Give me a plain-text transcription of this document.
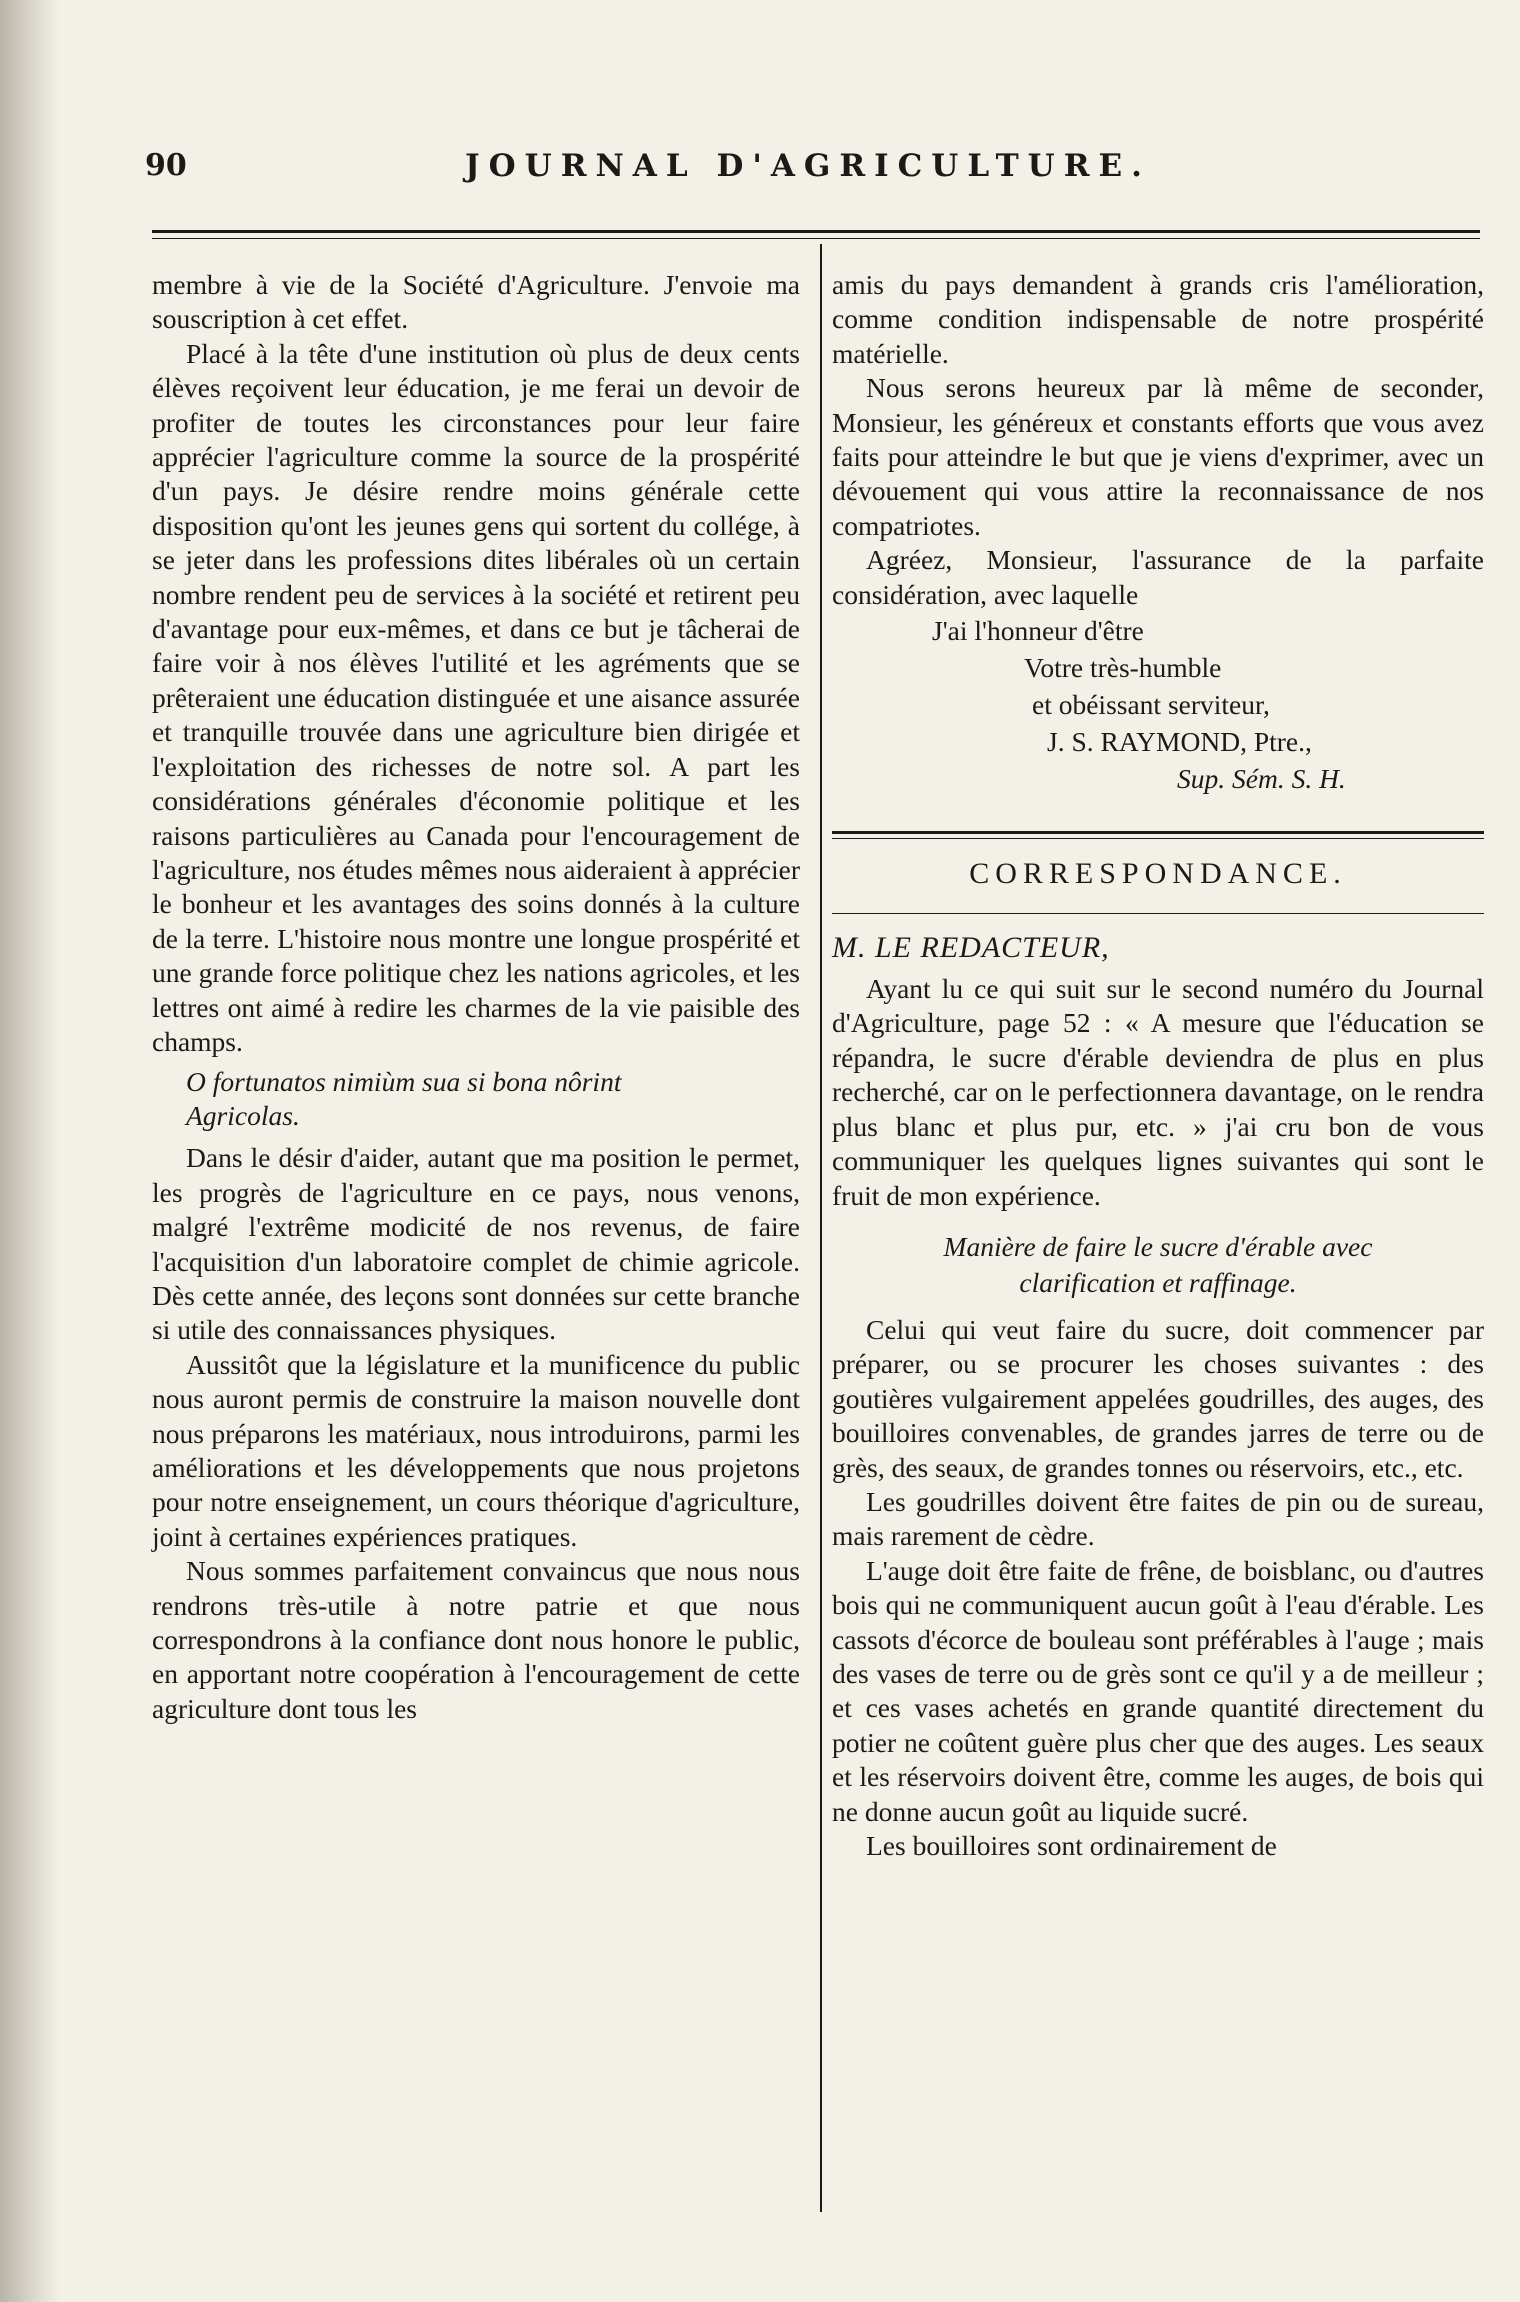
90	JOURNAL D'AGRICULTURE.

membre à vie de la Société d'Agriculture. J'envoie ma souscription à cet effet.

Placé à la tête d'une institution où plus de deux cents élèves reçoivent leur éducation, je me ferai un devoir de profiter de toutes les circonstances pour leur faire apprécier l'agriculture comme la source de la prospérité d'un pays. Je désire rendre moins générale cette disposition qu'ont les jeunes gens qui sortent du collége, à se jeter dans les professions dites libérales où un certain nombre rendent peu de services à la société et retirent peu d'avantage pour eux-mêmes, et dans ce but je tâcherai de faire voir à nos élèves l'utilité et les agréments que se prêteraient une éducation distinguée et une aisance assurée et tranquille trouvée dans une agriculture bien dirigée et l'exploitation des richesses de notre sol. A part les considérations générales d'économie politique et les raisons particulières au Canada pour l'encouragement de l'agriculture, nos études mêmes nous aideraient à apprécier le bonheur et les avantages des soins donnés à la culture de la terre. L'histoire nous montre une longue prospérité et une grande force politique chez les nations agricoles, et les lettres ont aimé à redire les charmes de la vie paisible des champs.

O fortunatos nimiùm sua si bona nôrint
Agricolas.

Dans le désir d'aider, autant que ma position le permet, les progrès de l'agriculture en ce pays, nous venons, malgré l'extrême modicité de nos revenus, de faire l'acquisition d'un laboratoire complet de chimie agricole. Dès cette année, des leçons sont données sur cette branche si utile des connaissances physiques.

Aussitôt que la législature et la munificence du public nous auront permis de construire la maison nouvelle dont nous préparons les matériaux, nous introduirons, parmi les améliorations et les développements que nous projetons pour notre enseignement, un cours théorique d'agriculture, joint à certaines expériences pratiques.

Nous sommes parfaitement convaincus que nous nous rendrons très-utile à notre patrie et que nous correspondrons à la confiance dont nous honore le public, en apportant notre coopération à l'encouragement de cette agriculture dont tous les

amis du pays demandent à grands cris l'amélioration, comme condition indispensable de notre prospérité matérielle.

Nous serons heureux par là même de seconder, Monsieur, les généreux et constants efforts que vous avez faits pour atteindre le but que je viens d'exprimer, avec un dévouement qui vous attire la reconnaissance de nos compatriotes.

Agréez, Monsieur, l'assurance de la parfaite considération, avec laquelle

J'ai l'honneur d'être
Votre très-humble
et obéissant serviteur,
J. S. RAYMOND, Ptre.,
Sup. Sém. S. H.
CORRESPONDANCE.
M. LE REDACTEUR,

Ayant lu ce qui suit sur le second numéro du Journal d'Agriculture, page 52 : « A mesure que l'éducation se répandra, le sucre d'érable deviendra de plus en plus recherché, car on le perfectionnera davantage, on le rendra plus blanc et plus pur, etc. » j'ai cru bon de vous communiquer les quelques lignes suivantes qui sont le fruit de mon expérience.

Manière de faire le sucre d'érable avec
clarification et raffinage.

Celui qui veut faire du sucre, doit commencer par préparer, ou se procurer les choses suivantes : des goutières vulgairement appelées goudrilles, des auges, des bouilloires convenables, de grandes jarres de terre ou de grès, des seaux, de grandes tonnes ou réservoirs, etc., etc.

Les goudrilles doivent être faites de pin ou de sureau, mais rarement de cèdre.

L'auge doit être faite de frêne, de boisblanc, ou d'autres bois qui ne communiquent aucun goût à l'eau d'érable. Les cassots d'écorce de bouleau sont préférables à l'auge ; mais des vases de terre ou de grès sont ce qu'il y a de meilleur ; et ces vases achetés en grande quantité directement du potier ne coûtent guère plus cher que des auges. Les seaux et les réservoirs doivent être, comme les auges, de bois qui ne donne aucun goût au liquide sucré.

Les bouilloires sont ordinairement de
